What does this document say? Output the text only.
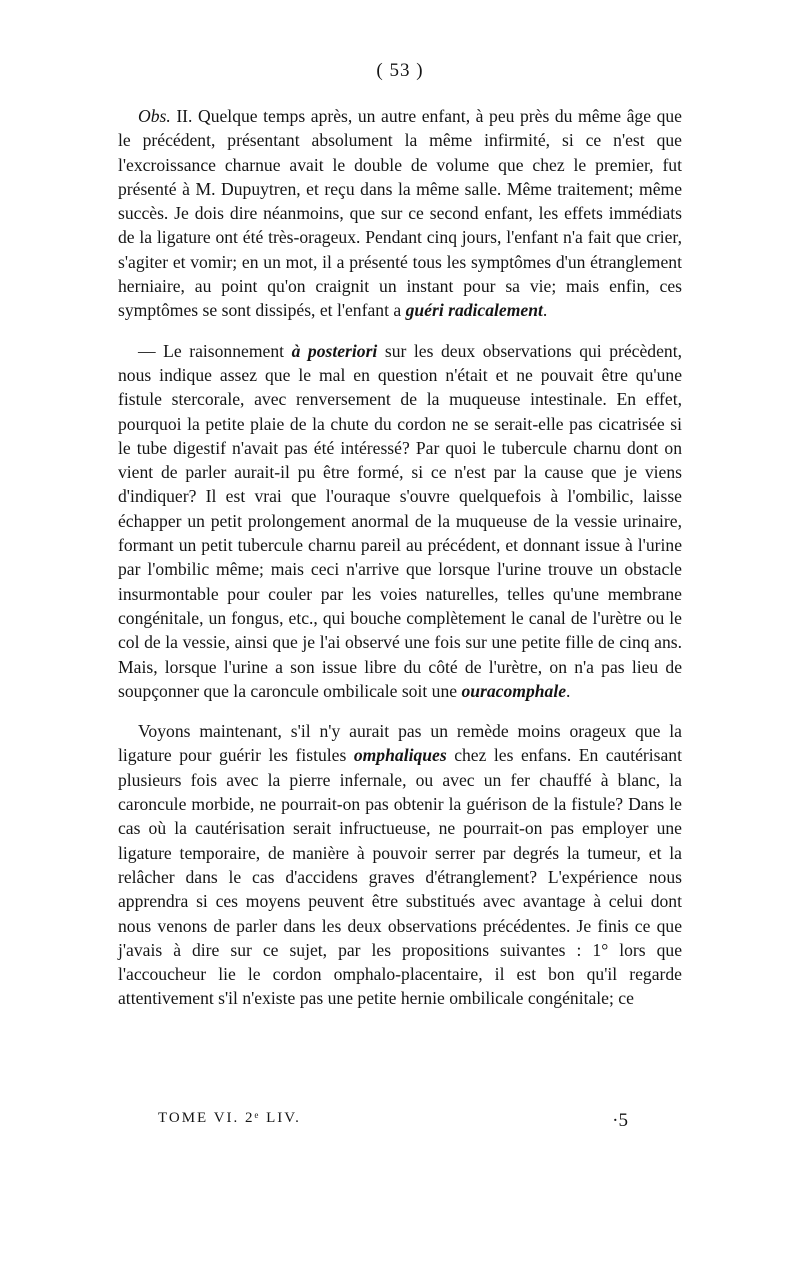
( 53 )

Obs. II. Quelque temps après, un autre enfant, à peu près du même âge que le précédent, présentant absolument la même infirmité, si ce n'est que l'excroissance charnue avait le double de volume que chez le premier, fut présenté à M. Dupuytren, et reçu dans la même salle. Même traitement; même succès. Je dois dire néanmoins, que sur ce second enfant, les effets immédiats de la ligature ont été très-orageux. Pendant cinq jours, l'enfant n'a fait que crier, s'agiter et vomir; en un mot, il a présenté tous les symptômes d'un étranglement herniaire, au point qu'on craignit un instant pour sa vie; mais enfin, ces symptômes se sont dissipés, et l'enfant a guéri radicalement.

— Le raisonnement à posteriori sur les deux observations qui précèdent, nous indique assez que le mal en question n'était et ne pouvait être qu'une fistule stercorale, avec renversement de la muqueuse intestinale. En effet, pourquoi la petite plaie de la chute du cordon ne se serait-elle pas cicatrisée si le tube digestif n'avait pas été intéressé? Par quoi le tubercule charnu dont on vient de parler aurait-il pu être formé, si ce n'est par la cause que je viens d'indiquer? Il est vrai que l'ouraque s'ouvre quelquefois à l'ombilic, laisse échapper un petit prolongement anormal de la muqueuse de la vessie urinaire, formant un petit tubercule charnu pareil au précédent, et donnant issue à l'urine par l'ombilic même; mais ceci n'arrive que lorsque l'urine trouve un obstacle insurmontable pour couler par les voies naturelles, telles qu'une membrane congénitale, un fongus, etc., qui bouche complètement le canal de l'urètre ou le col de la vessie, ainsi que je l'ai observé une fois sur une petite fille de cinq ans. Mais, lorsque l'urine a son issue libre du côté de l'urètre, on n'a pas lieu de soupçonner que la caroncule ombilicale soit une ouracomphale.

Voyons maintenant, s'il n'y aurait pas un remède moins orageux que la ligature pour guérir les fistules omphaliques chez les enfans. En cautérisant plusieurs fois avec la pierre infernale, ou avec un fer chauffé à blanc, la caroncule morbide, ne pourrait-on pas obtenir la guérison de la fistule? Dans le cas où la cautérisation serait infructueuse, ne pourrait-on pas employer une ligature temporaire, de manière à pouvoir serrer par degrés la tumeur, et la relâcher dans le cas d'accidens graves d'étranglement? L'expérience nous apprendra si ces moyens peuvent être substitués avec avantage à celui dont nous venons de parler dans les deux observations précédentes. Je finis ce que j'avais à dire sur ce sujet, par les propositions suivantes : 1° lors que l'accoucheur lie le cordon omphalo-placentaire, il est bon qu'il regarde attentivement s'il n'existe pas une petite hernie ombilicale congénitale; ce

TOME VI. 2ᵉ LIV.	·5
